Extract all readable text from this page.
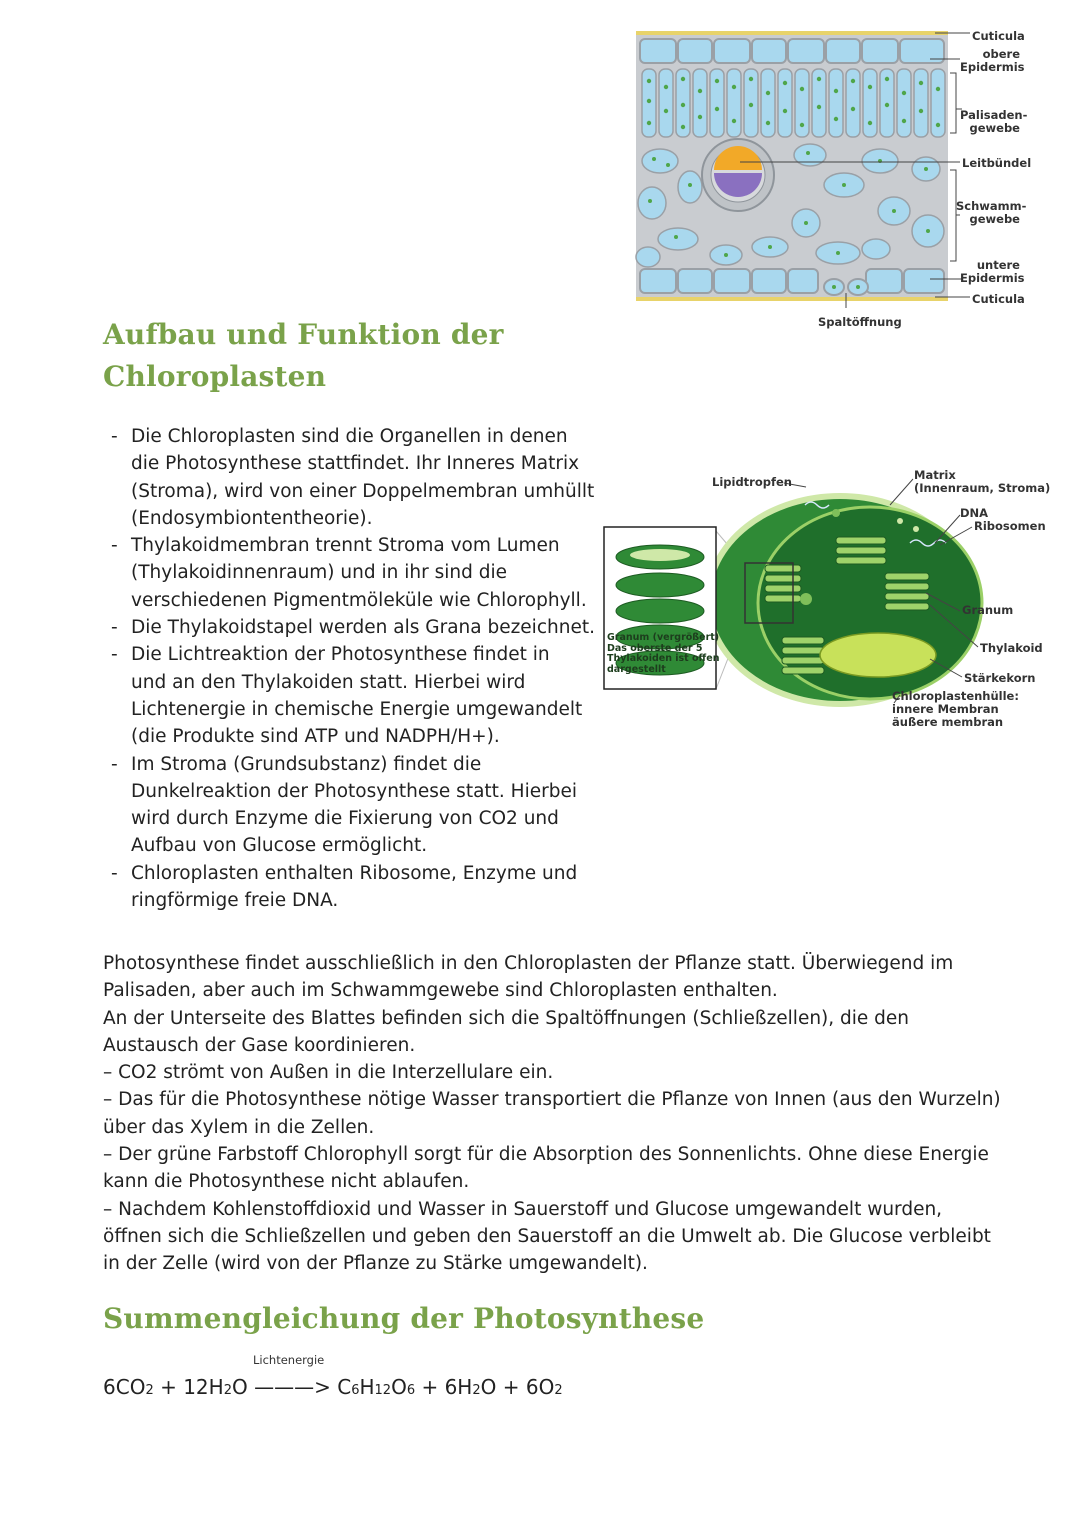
Cuticula
obere
Epidermis
Palisaden-
gewebe
Leitbündel
Schwamm-
gewebe
untere
Epidermis
Cuticula
Spaltöffnung
Aufbau und Funktion der
Chloroplasten
- Die Chloroplasten sind die Organellen in denen
die Photosynthese stattfindet. Ihr Inneres Matrix
(Stroma), wird von einer Doppelmembran umhüllt
(Endosymbiontentheorie).
- Thylakoidmembran trennt Stroma vom Lumen
(Thylakoidinnenraum) und in ihr sind die
verschiedenen Pigmentmöleküle wie Chlorophyll.
- Die Thylakoidstapel werden als Grana bezeichnet.
- Die Lichtreaktion der Photosynthese findet in
und an den Thylakoiden statt. Hierbei wird
Lichtenergie in chemische Energie umgewandelt
(die Produkte sind ATP und NADPH/H+).
- Im Stroma (Grundsubstanz) findet die
Dunkelreaktion der Photosynthese statt. Hierbei
wird durch Enzyme die Fixierung von CO2 und
Aufbau von Glucose ermöglicht.
- Chloroplasten enthalten Ribosome, Enzyme und
ringförmige freie DNA.
Lipidtropfen	Matrix
(Innenraum, Stroma)
DNA
Ribosomen
Granum
Thylakoid
Stärkekorn
Chloroplastenhülle:
innere Membran
äußere membran
Granum (vergrößert)
Das oberste der 5
Thylakoiden ist offen
dargestellt
Photosynthese findet ausschließlich in den Chloroplasten der Pflanze statt. Überwiegend im
Palisaden, aber auch im Schwammgewebe sind Chloroplasten enthalten.
An der Unterseite des Blattes befinden sich die Spaltöffnungen (Schließzellen), die den
Austausch der Gase koordinieren.
– CO2 strömt von Außen in die Interzellulare ein.
– Das für die Photosynthese nötige Wasser transportiert die Pflanze von Innen (aus den Wurzeln)
über das Xylem in die Zellen.
– Der grüne Farbstoff Chlorophyll sorgt für die Absorption des Sonnenlichts. Ohne diese Energie
kann die Photosynthese nicht ablaufen.
– Nachdem Kohlenstoffdioxid und Wasser in Sauerstoff und Glucose umgewandelt wurden,
öffnen sich die Schließzellen und geben den Sauerstoff an die Umwelt ab. Die Glucose verbleibt
in der Zelle (wird von der Pflanze zu Stärke umgewandelt).
Summengleichung der Photosynthese
Lichtenergie
6CO2 + 12H2O ———> C6H12O6 + 6H2O + 6O2
